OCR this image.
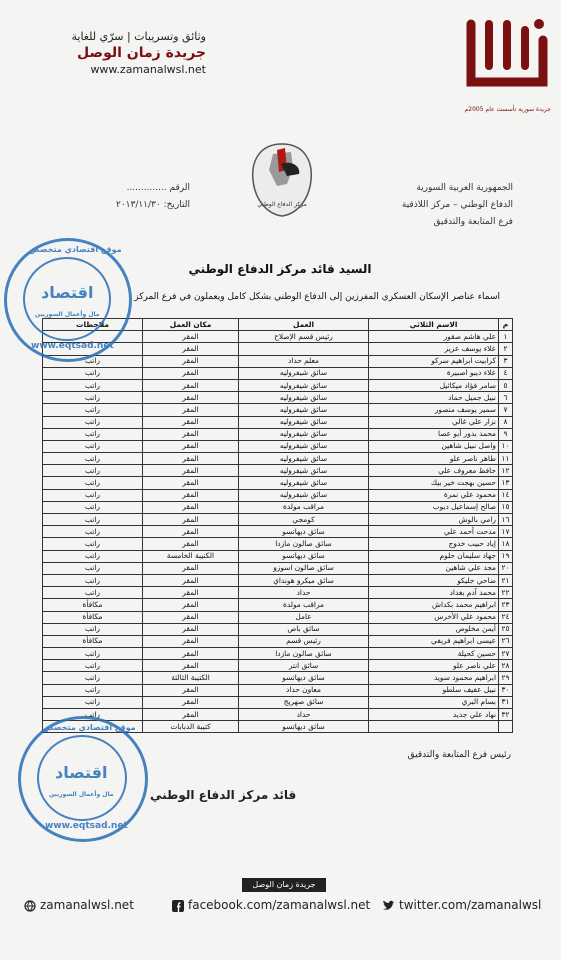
جريدة سورية تأسست عام 2005م
وثائق وتسريبات | سرّي للغاية
جريدة زمان الوصل
www.zamanalwsl.net
مركز الدفاع الوطني
الرقم ..............
التاريخ: ٢٠١٣/١١/٣٠
الجمهورية العربية السورية
الدفاع الوطني – مركز اللاذقية
فرع المتابعة والتدقيق
السيد قائد مركز الدفاع الوطني
أسماء عناصر الإسكان العسكري المفرزين إلى الدفاع الوطني بشكل كامل ويعملون في فرع المركز
م	الاسم الثلاثي	العمل	مكان العمل	ملاحظات
١	علي هاشم صقور	رئيس قسم الإصلاح	المقر	
٢	علاء يوسف عزيز		المقر	
٣	كرابيت ابراهيم سركو	معلم حداد	المقر	راتب
٤	علاء ديبو اصبيرة	سائق شيفروليه	المقر	راتب
٥	سامر فؤاد ميكائيل	سائق شيفروليه	المقر	راتب
٦	نبيل جميل حماد	سائق شيفروليه	المقر	راتب
٧	سمير يوسف منصور	سائق شيفروليه	المقر	راتب
٨	نزار علي غالي	سائق شيفروليه	المقر	راتب
٩	محمد بدور أبو عصا	سائق شيفروليه	المقر	راتب
١٠	واصل نبيل شاهين	سائق شيفروليه	المقر	راتب
١١	طاهر ناصر علو	سائق شيفروليه	المقر	راتب
١٢	حافظ معروف علي	سائق شيفروليه	المقر	راتب
١٣	حسين بهجت خير بيك	سائق شيفروليه	المقر	راتب
١٤	محمود علي نمرة	سائق شيفروليه	المقر	راتب
١٥	صالح إسماعيل ديوب	مراقب مولدة	المقر	راتب
١٦	رامي بالوش	كومجي	المقر	راتب
١٧	مدحت أحمد علي	سائق ديهاتسو	المقر	راتب
١٨	إياد حبيب خدوج	سائق صالون مازدا	المقر	راتب
١٩	جهاد سليمان حلوم	سائق ديهاتسو	الكتيبة الخامسة	راتب
٢٠	مجد علي شاهين	سائق صالون اسوزو	المقر	راتب
٢١	ضاحي جليكو	سائق ميكرو هونداي	المقر	راتب
٢٢	محمد آدم بغداد	حداد	المقر	راتب
٢٣	ابراهيم محمد بكداش	مراقب مولدة	المقر	مكافأة
٢٤	محمود علي الأخرس	عامل	المقر	مكافأة
٢٥	أيمن مخلوص	سائق باص	المقر	راتب
٢٦	عيسى ابراهيم فريفي	رئيس قسم	المقر	مكافأة
٢٧	حسين كحيلة	سائق صالون مازدا	المقر	راتب
٢٨	علي ناصر علو	سائق انتر	المقر	راتب
٢٩	ابراهيم محمود سويد	سائق ديهاتسو	الكتيبة الثالثة	راتب
٣٠	نبيل عفيف سلطو	معاون حداد	المقر	راتب
٣١	بسام البري	سائق صهريج	المقر	راتب
٣٢	نهاد علي جديد	حداد	المقر	راتب
		سائق ديهاتسو	كتيبة الدبابات	
رئيس فرع المتابعة والتدقيق
قائد مركز الدفاع الوطني
موقع اقتصادي متخصص
اقتصاد
مال وأعمال السوريين
www.eqtsad.net
موقع اقتصادي متخصص
اقتصاد
مال وأعمال السوريين
www.eqtsad.net
جريدة زمان الوصل
zamanalwsl.net	facebook.com/zamanalwsl.net	twitter.com/zamanalwsl
